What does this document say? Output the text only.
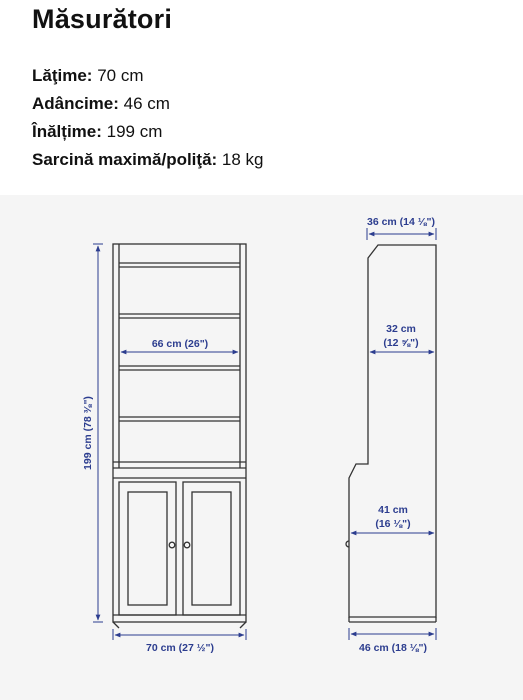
Măsurători
Lăţime: 70 cm
Adâncime: 46 cm
Înălțime: 199 cm
Sarcină maximă/poliţă: 18 kg
199 cm (78 ⅜")
66 cm (26")
70 cm (27 ½")
36 cm (14 ⅛")
32 cm
(12 ⅝")
41 cm
(16 ⅛")
46 cm (18 ⅛")
